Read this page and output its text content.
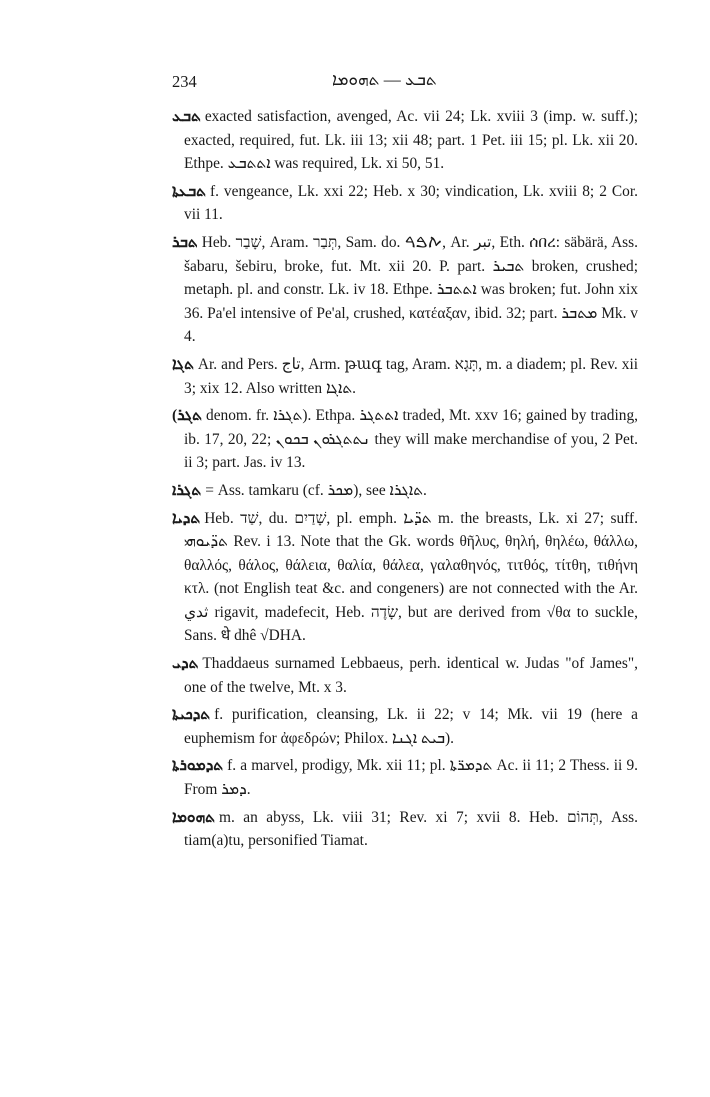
234	ܬܒܥ — ܬܗܘܡܐ

ܬܒܥ exacted satisfaction, avenged, Ac. vii 24; Lk. xviii 3 (imp. w. suff.); exacted, required, fut. Lk. iii 13; xii 48; part. 1 Pet. iii 15; pl. Lk. xii 20. Ethpe. ܐܬܬܒܥ was required, Lk. xi 50, 51.

ܬܒܥܬܐ f. vengeance, Lk. xxi 22; Heb. x 30; vindication, Lk. xviii 8; 2 Cor. vii 11.

ܬܒܪ Heb. שָׁבַר, Aram. תְּבַר, Sam. do. ࠕࠁࠓ, Ar. تبر, Eth. ሰበረ: säbärä, Ass. šabaru, šebiru, broke, fut. Mt. xii 20. P. part. ܬܒܝܪ broken, crushed; metaph. pl. and constr. Lk. iv 18. Ethpe. ܐܬܬܒܪ was broken; fut. John xix 36. Pa'el intensive of Pe'al, crushed, κατέαξαν, ibid. 32; part. ܡܬܒܪ Mk. v 4.

ܬܓܐ Ar. and Pers. تاج, Arm. թագ tag, Aram. תָּגָא, m. a diadem; pl. Rev. xii 3; xix 12. Also written ܬܐܓܐ.

(ܬܓܪ denom. fr. ܬܓܪܐ). Ethpa. ܐܬܬܓܪ traded, Mt. xxv 16; gained by trading, ib. 17, 20, 22; ܢܬܬܓܪܘܢ ܒܟܘܢ they will make merchandise of you, 2 Pet. ii 3; part. Jas. iv 13.

ܬܓܪܐ = Ass. tamkaru (cf. ܡܟܪ), see ܬܐܓܪܐ.

ܬܕܝܐ Heb. שַׁד, du. שָׁדַיִם, pl. emph. ܬܕ̈ܝܐ m. the breasts, Lk. xi 27; suff. ܬܕ̈ܝܘܗܝ Rev. i 13. Note that the Gk. words θῆλυς, θηλή, θηλέω, θάλλω, θαλλός, θάλος, θάλεια, θαλία, θάλεα, γαλαθηνός, τιτθός, τίτθη, τιθήνη κτλ. (not English teat &c. and congeners) are not connected with the Ar. ثدي rigavit, madefecit, Heb. שָׂדֶה, but are derived from √θα to suckle, Sans. धे dhê √DHA.

ܬܕܝ Thaddaeus surnamed Lebbaeus, perh. identical w. Judas "of James", one of the twelve, Mt. x 3.

ܬܕܟܝܬܐ f. purification, cleansing, Lk. ii 22; v 14; Mk. vii 19 (here a euphemism for ἀφεδρών; Philox. ܒܝܬ ܐܓܢܐ).

ܬܕܡܘܪܬܐ f. a marvel, prodigy, Mk. xii 11; pl. ܬܕܡܪ̈ܬܐ Ac. ii 11; 2 Thess. ii 9. From ܕܡܪ.

ܬܗܘܡܐ m. an abyss, Lk. viii 31; Rev. xi 7; xvii 8. Heb. תְּהוֹם, Ass. tiam(a)tu, personified Tiamat.
